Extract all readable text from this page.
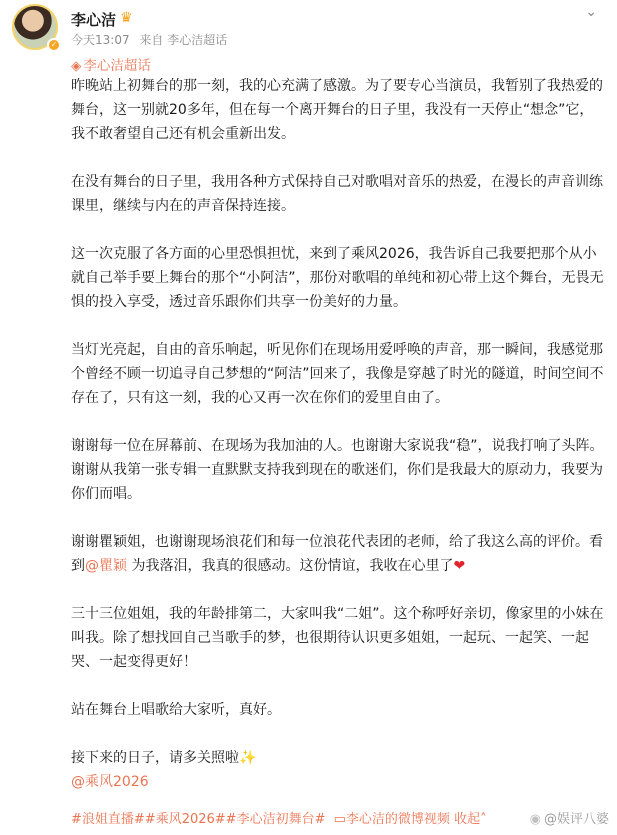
✓
李心洁 ♛
今天13:07 来自 李心洁超话
⌄
◈ 李心洁超话

昨晚站上初舞台的那一刻，我的心充满了感激。为了要专心当演员，我暂别了我热爱的舞台，这一别就20多年，但在每一个离开舞台的日子里，我没有一天停止“想念”它，我不敢奢望自己还有机会重新出发。

在没有舞台的日子里，我用各种方式保持自己对歌唱对音乐的热爱，在漫长的声音训练课里，继续与内在的声音保持连接。

这一次克服了各方面的心里恐惧担忧，来到了乘风2026，我告诉自己我要把那个从小就自己举手要上舞台的那个“小阿洁”，那份对歌唱的单纯和初心带上这个舞台，无畏无惧的投入享受，透过音乐跟你们共享一份美好的力量。

当灯光亮起，自由的音乐响起，听见你们在现场用爱呼唤的声音，那一瞬间，我感觉那个曾经不顾一切追寻自己梦想的“阿洁”回来了，我像是穿越了时光的隧道，时间空间不存在了，只有这一刻，我的心又再一次在你们的爱里自由了。

谢谢每一位在屏幕前、在现场为我加油的人。也谢谢大家说我“稳”，说我打响了头阵。谢谢从我第一张专辑一直默默支持我到现在的歌迷们，你们是我最大的原动力，我要为你们而唱。

谢谢瞿颖姐，也谢谢现场浪花们和每一位浪花代表团的老师，给了我这么高的评价。看到@瞿颖 为我落泪，我真的很感动。这份情谊，我收在心里了❤

三十三位姐姐，我的年龄排第二，大家叫我“二姐”。这个称呼好亲切，像家里的小妹在叫我。除了想找回自己当歌手的梦，也很期待认识更多姐姐，一起玩、一起笑、一起哭、一起变得更好！

站在舞台上唱歌给大家听，真好。

接下来的日子，请多关照啦✨

@乘风2026

#浪姐直播##乘风2026##李心洁初舞台# ▭李心洁的微博视频 收起˄	◉ @娱评八婆
